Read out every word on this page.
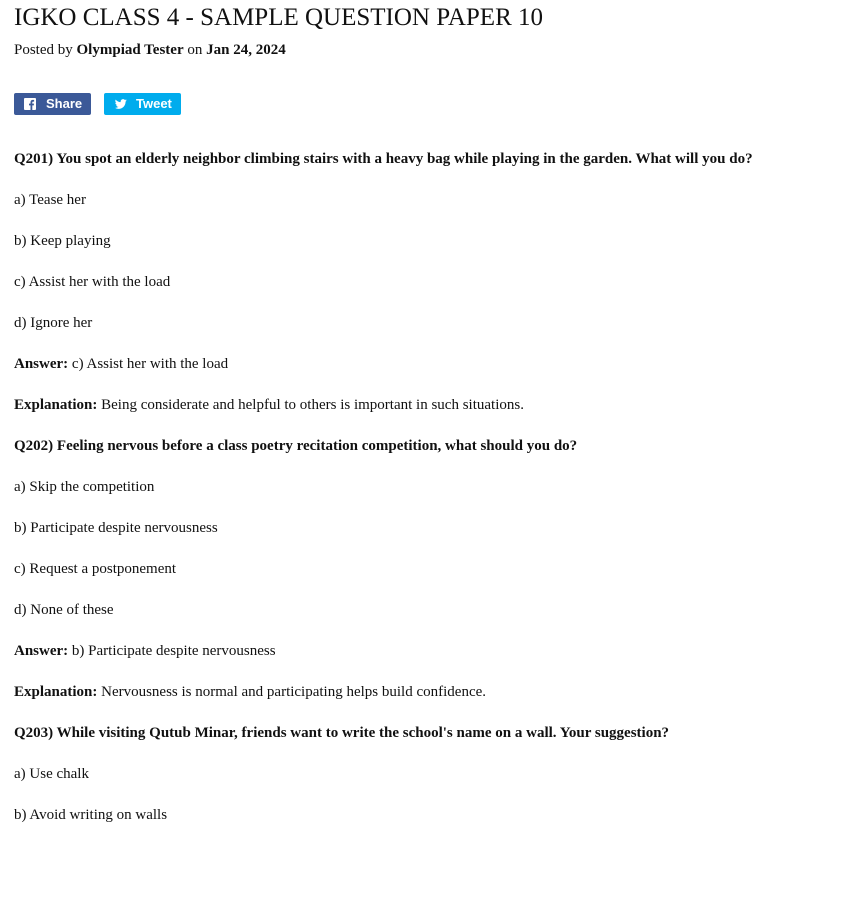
IGKO CLASS 4 - SAMPLE QUESTION PAPER 10
Posted by Olympiad Tester on Jan 24, 2024
Share	Tweet

Q201) You spot an elderly neighbor climbing stairs with a heavy bag while playing in the garden. What will you do?

a) Tease her

b) Keep playing

c) Assist her with the load

d) Ignore her

Answer: c) Assist her with the load

Explanation: Being considerate and helpful to others is important in such situations.

Q202) Feeling nervous before a class poetry recitation competition, what should you do?

a) Skip the competition

b) Participate despite nervousness

c) Request a postponement

d) None of these

Answer: b) Participate despite nervousness

Explanation: Nervousness is normal and participating helps build confidence.

Q203) While visiting Qutub Minar, friends want to write the school's name on a wall. Your suggestion?

a) Use chalk

b) Avoid writing on walls
